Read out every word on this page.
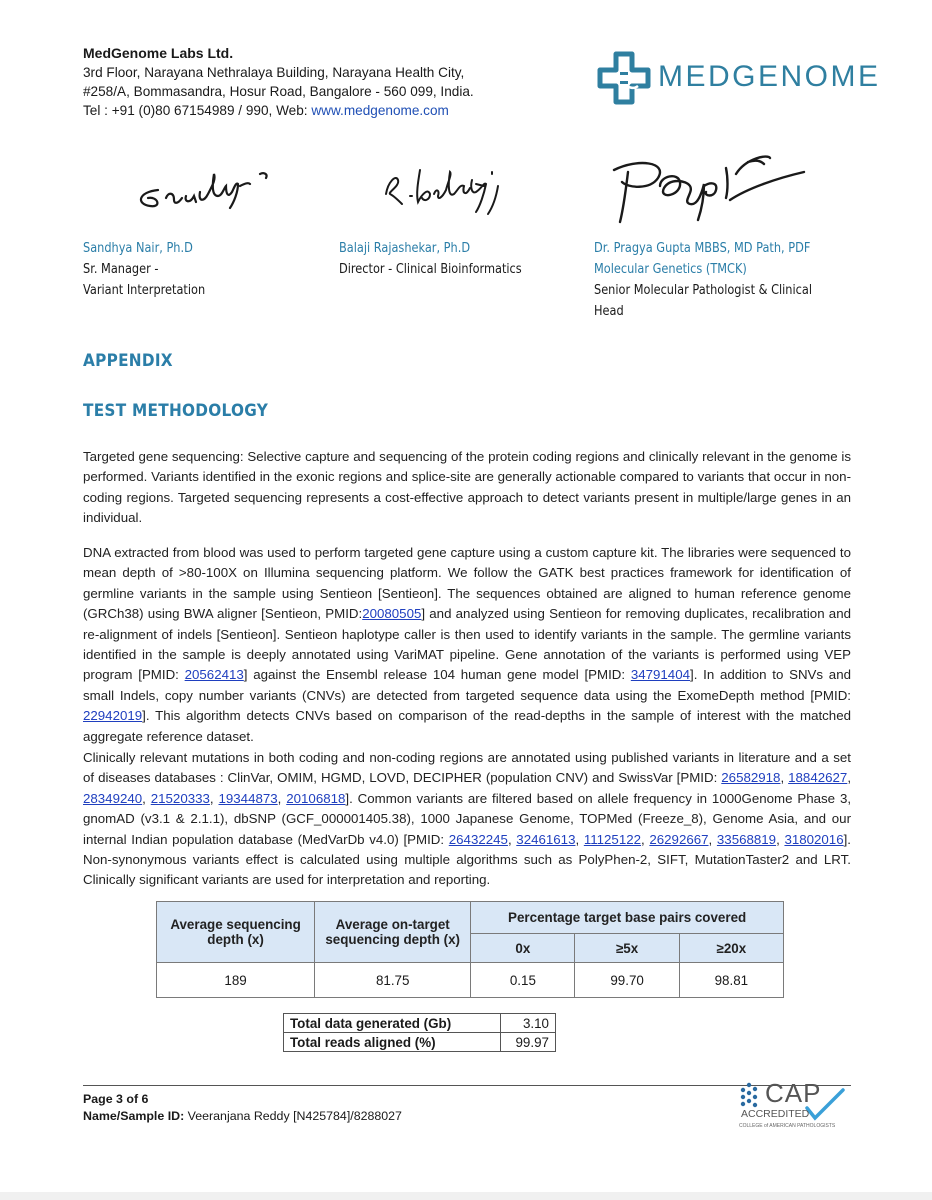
MedGenome Labs Ltd.
3rd Floor, Narayana Nethralaya Building, Narayana Health City,
#258/A, Bommasandra, Hosur Road, Bangalore - 560 099, India.
Tel : +91 (0)80 67154989 / 990, Web: www.medgenome.com
MEDGENOME
Sandhya Nair, Ph.D
Sr. Manager -
Variant Interpretation
Balaji Rajashekar, Ph.D
Director - Clinical Bioinformatics
Dr. Pragya Gupta MBBS, MD Path, PDF
Molecular Genetics (TMCK)
Senior Molecular Pathologist & Clinical
Head
APPENDIX
TEST METHODOLOGY
Targeted gene sequencing: Selective capture and sequencing of the protein coding regions and clinically relevant in the genome is performed. Variants identified in the exonic regions and splice-site are generally actionable compared to variants that occur in non-coding regions. Targeted sequencing represents a cost-effective approach to detect variants present in multiple/large genes in an individual.
DNA extracted from blood was used to perform targeted gene capture using a custom capture kit. The libraries were sequenced to mean depth of >80-100X on Illumina sequencing platform. We follow the GATK best practices framework for identification of germline variants in the sample using Sentieon [Sentieon]. The sequences obtained are aligned to human reference genome (GRCh38) using BWA aligner [Sentieon, PMID:20080505] and analyzed using Sentieon for removing duplicates, recalibration and re-alignment of indels [Sentieon]. Sentieon haplotype caller is then used to identify variants in the sample. The germline variants identified in the sample is deeply annotated using VariMAT pipeline. Gene annotation of the variants is performed using VEP program [PMID: 20562413] against the Ensembl release 104 human gene model [PMID: 34791404]. In addition to SNVs and small Indels, copy number variants (CNVs) are detected from targeted sequence data using the ExomeDepth method [PMID: 22942019]. This algorithm detects CNVs based on comparison of the read-depths in the sample of interest with the matched aggregate reference dataset.
Clinically relevant mutations in both coding and non-coding regions are annotated using published variants in literature and a set of diseases databases : ClinVar, OMIM, HGMD, LOVD, DECIPHER (population CNV) and SwissVar [PMID: 26582918, 18842627, 28349240, 21520333, 19344873, 20106818]. Common variants are filtered based on allele frequency in 1000Genome Phase 3, gnomAD (v3.1 & 2.1.1), dbSNP (GCF_000001405.38), 1000 Japanese Genome, TOPMed (Freeze_8), Genome Asia, and our internal Indian population database (MedVarDb v4.0) [PMID: 26432245, 32461613, 11125122, 26292667, 33568819, 31802016]. Non-synonymous variants effect is calculated using multiple algorithms such as PolyPhen-2, SIFT, MutationTaster2 and LRT. Clinically significant variants are used for interpretation and reporting.
Average sequencing depth (x)	Average on-target sequencing depth (x)	Percentage target base pairs covered		
		0x	≥5x	≥20x
189	81.75	0.15	99.70	98.81
Total data generated (Gb)	3.10
Total reads aligned (%)	99.97
Page 3 of 6
Name/Sample ID: Veeranjana Reddy [N425784]/8288027
CAP
ACCREDITED
COLLEGE of AMERICAN PATHOLOGISTS
